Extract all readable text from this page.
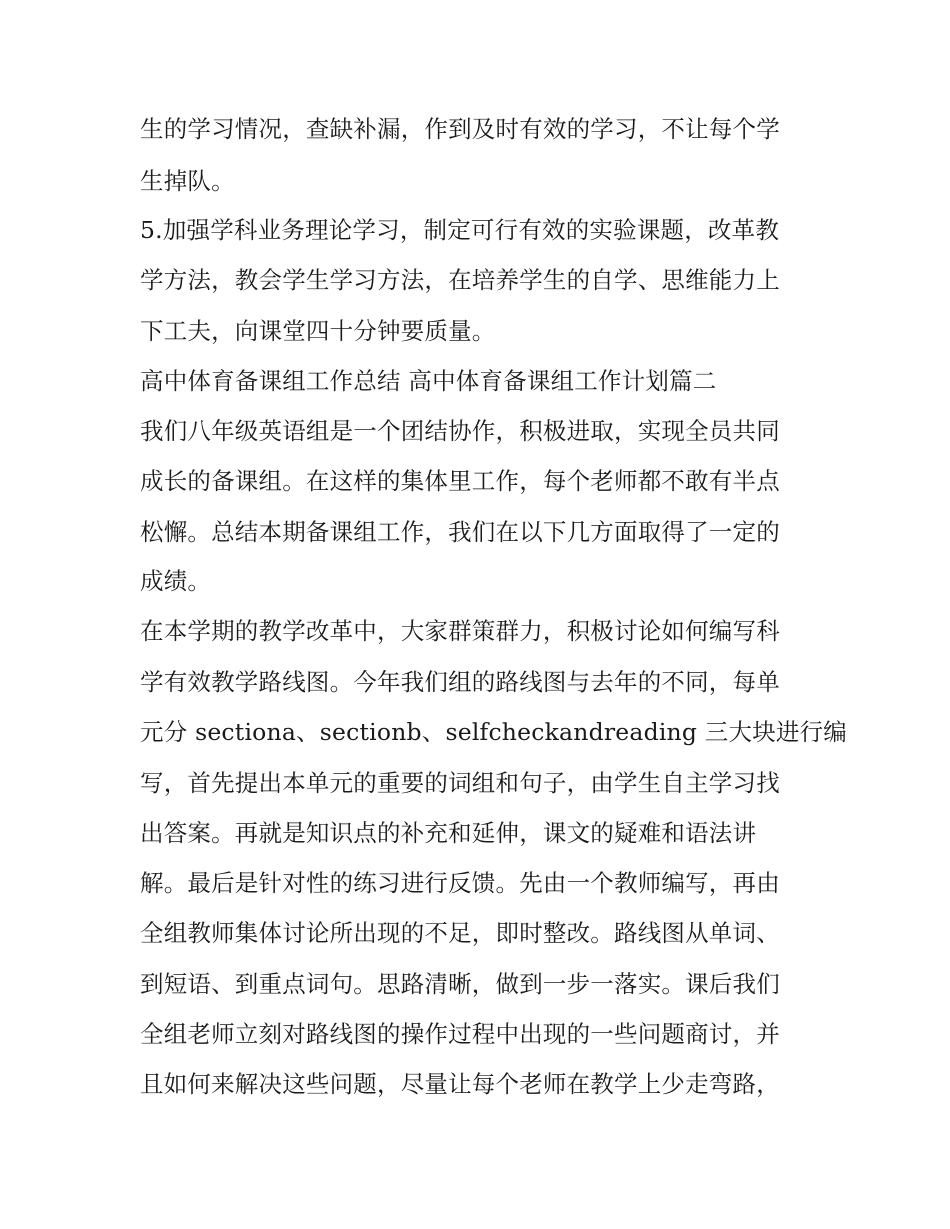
生的学习情况，查缺补漏，作到及时有效的学习，不让每个学
生掉队。
5.加强学科业务理论学习，制定可行有效的实验课题，改革教
学方法，教会学生学习方法，在培养学生的自学、思维能力上
下工夫，向课堂四十分钟要质量。
高中体育备课组工作总结 高中体育备课组工作计划篇二
我们八年级英语组是一个团结协作，积极进取，实现全员共同
成长的备课组。在这样的集体里工作，每个老师都不敢有半点
松懈。总结本期备课组工作，我们在以下几方面取得了一定的
成绩。
在本学期的教学改革中，大家群策群力，积极讨论如何编写科
学有效教学路线图。今年我们组的路线图与去年的不同，每单
元分 sectiona、sectionb、selfcheckandreading 三大块进行编
写，首先提出本单元的重要的词组和句子，由学生自主学习找
出答案。再就是知识点的补充和延伸，课文的疑难和语法讲
解。最后是针对性的练习进行反馈。先由一个教师编写，再由
全组教师集体讨论所出现的不足，即时整改。路线图从单词、
到短语、到重点词句。思路清晰，做到一步一落实。课后我们
全组老师立刻对路线图的操作过程中出现的一些问题商讨，并
且如何来解决这些问题，尽量让每个老师在教学上少走弯路，
